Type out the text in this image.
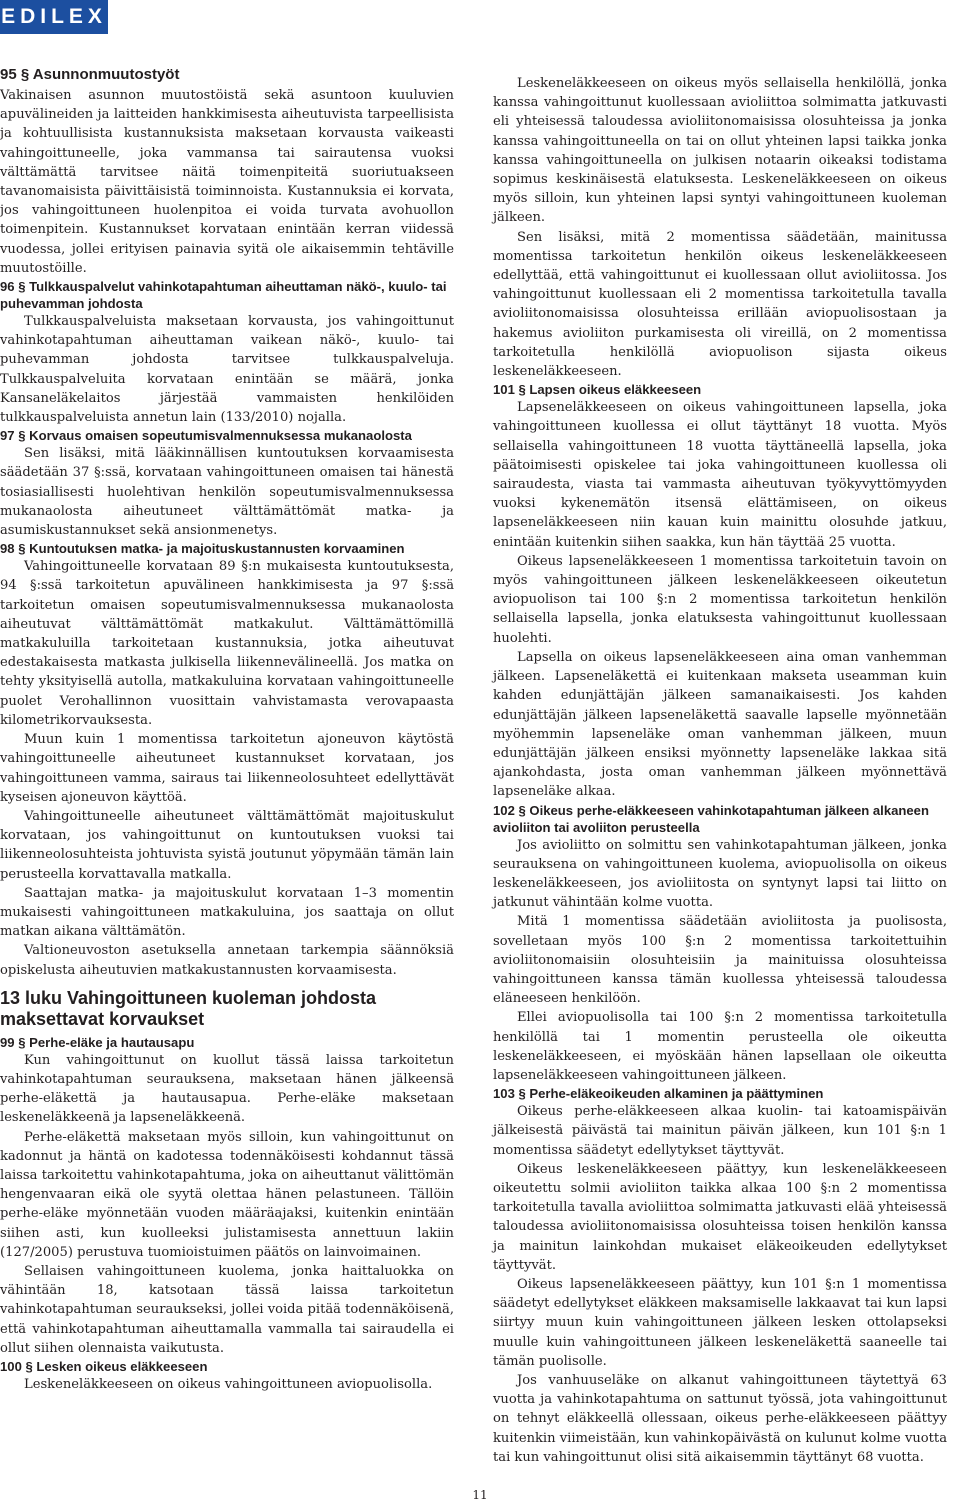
EDILEX
95 § Asunnonmuutostyöt

Vakinaisen asunnon muutostöistä sekä asuntoon kuuluvien apuvälineiden ja laitteiden hankkimisesta aiheutuvista tarpeellisista ja kohtuullisista kustannuksista maksetaan korvausta vaikeasti vahingoittuneelle, joka vammansa tai sairautensa vuoksi välttämättä tarvitsee näitä toimenpiteitä suoriutuakseen tavanomaisista päivittäisistä toiminnoista. Kustannuksia ei korvata, jos vahingoittuneen huolenpitoa ei voida turvata avohuollon toimenpitein. Kustannukset korvataan enintään kerran viidessä vuodessa, jollei erityisen painavia syitä ole aikaisemmin tehtäville muutostöille.

96 § Tulkkauspalvelut vahinkotapahtuman aiheuttaman näkö-, kuulo- tai puhevamman johdosta

Tulkkauspalveluista maksetaan korvausta, jos vahingoittunut vahinkotapahtuman aiheuttaman vaikean näkö-, kuulo- tai puhevamman johdosta tarvitsee tulkkauspalveluja. Tulkkauspalveluita korvataan enintään se määrä, jonka Kansaneläkelaitos järjestää vammaisten henkilöiden tulkkauspalveluista annetun lain (133/2010) nojalla.

97 § Korvaus omaisen sopeutumisvalmennuksessa mukanaolosta

Sen lisäksi, mitä lääkinnällisen kuntoutuksen korvaamisesta säädetään 37 §:ssä, korvataan vahingoittuneen omaisen tai hänestä tosiasiallisesti huolehtivan henkilön sopeutumisvalmennuksessa mukanaolosta aiheutuneet välttämättömät matka- ja asumiskustannukset sekä ansionmenetys.

98 § Kuntoutuksen matka- ja majoituskustannusten korvaaminen

Vahingoittuneelle korvataan 89 §:n mukaisesta kuntoutuksesta, 94 §:ssä tarkoitetun apuvälineen hankkimisesta ja 97 §:ssä tarkoitetun omaisen sopeutumisvalmennuksessa mukanaolosta aiheutuvat välttämättömät matkakulut. Välttämättömillä matkakuluilla tarkoitetaan kustannuksia, jotka aiheutuvat edestakaisesta matkasta julkisella liikennevälineellä. Jos matka on tehty yksityisellä autolla, matkakuluina korvataan vahingoittuneelle puolet Verohallinnon vuosittain vahvistamasta verovapaasta kilometrikorvauksesta.

Muun kuin 1 momentissa tarkoitetun ajoneuvon käytöstä vahingoittuneelle aiheutuneet kustannukset korvataan, jos vahingoittuneen vamma, sairaus tai liikenneolosuhteet edellyttävät kyseisen ajoneuvon käyttöä.

Vahingoittuneelle aiheutuneet välttämättömät majoituskulut korvataan, jos vahingoittunut on kuntoutuksen vuoksi tai liikenneolosuhteista johtuvista syistä joutunut yöpymään tämän lain perusteella korvattavalla matkalla.

Saattajan matka- ja majoituskulut korvataan 1–3 momentin mukaisesti vahingoittuneen matkakuluina, jos saattaja on ollut matkan aikana välttämätön.

Valtioneuvoston asetuksella annetaan tarkempia säännöksiä opiskelusta aiheutuvien matkakustannusten korvaamisesta.

13 luku Vahingoittuneen kuoleman johdosta maksettavat korvaukset
99 § Perhe-eläke ja hautausapu

Kun vahingoittunut on kuollut tässä laissa tarkoitetun vahinkotapahtuman seurauksena, maksetaan hänen jälkeensä perhe-eläkettä ja hautausapua. Perhe-eläke maksetaan leskeneläkkeenä ja lapseneläkkeenä.

Perhe-eläkettä maksetaan myös silloin, kun vahingoittunut on kadonnut ja häntä on kadotessa todennäköisesti kohdannut tässä laissa tarkoitettu vahinkotapahtuma, joka on aiheuttanut välittömän hengenvaaran eikä ole syytä olettaa hänen pelastuneen. Tällöin perhe-eläke myönnetään vuoden määräajaksi, kuitenkin enintään siihen asti, kun kuolleeksi julistamisesta annettuun lakiin (127/2005) perustuva tuomioistuimen päätös on lainvoimainen.

Sellaisen vahingoittuneen kuolema, jonka haittaluokka on vähintään 18, katsotaan tässä laissa tarkoitetun vahinkotapahtuman seuraukseksi, jollei voida pitää todennäköisenä, että vahinkotapahtuman aiheuttamalla vammalla tai sairaudella ei ollut siihen olennaista vaikutusta.

100 § Lesken oikeus eläkkeeseen

Leskeneläkkeeseen on oikeus vahingoittuneen aviopuolisolla.

Leskeneläkkeeseen on oikeus myös sellaisella henkilöllä, jonka kanssa vahingoittunut kuollessaan avioliittoa solmimatta jatkuvasti eli yhteisessä taloudessa avioliitonomaisissa olosuhteissa ja jonka kanssa vahingoittuneella on tai on ollut yhteinen lapsi taikka jonka kanssa vahingoittuneella on julkisen notaarin oikeaksi todistama sopimus keskinäisestä elatuksesta. Leskeneläkkeeseen on oikeus myös silloin, kun yhteinen lapsi syntyi vahingoittuneen kuoleman jälkeen.

Sen lisäksi, mitä 2 momentissa säädetään, mainitussa momentissa tarkoitetun henkilön oikeus leskeneläkkeeseen edellyttää, että vahingoittunut ei kuollessaan ollut avioliitossa. Jos vahingoittunut kuollessaan eli 2 momentissa tarkoitetulla tavalla avioliitonomaisissa olosuhteissa erillään aviopuolisostaan ja hakemus avioliiton purkamisesta oli vireillä, on 2 momentissa tarkoitetulla henkilöllä aviopuolison sijasta oikeus leskeneläkkeeseen.

101 § Lapsen oikeus eläkkeeseen

Lapseneläkkeeseen on oikeus vahingoittuneen lapsella, joka vahingoittuneen kuollessa ei ollut täyttänyt 18 vuotta. Myös sellaisella vahingoittuneen 18 vuotta täyttäneellä lapsella, joka päätoimisesti opiskelee tai joka vahingoittuneen kuollessa oli sairaudesta, viasta tai vammasta aiheutuvan työkyvyttömyyden vuoksi kykenemätön itsensä elättämiseen, on oikeus lapseneläkkeeseen niin kauan kuin mainittu olosuhde jatkuu, enintään kuitenkin siihen saakka, kun hän täyttää 25 vuotta.

Oikeus lapseneläkkeeseen 1 momentissa tarkoitetuin tavoin on myös vahingoittuneen jälkeen leskeneläkkeeseen oikeutetun aviopuolison tai 100 §:n 2 momentissa tarkoitetun henkilön sellaisella lapsella, jonka elatuksesta vahingoittunut kuollessaan huolehti.

Lapsella on oikeus lapseneläkkeeseen aina oman vanhemman jälkeen. Lapseneläkettä ei kuitenkaan makseta useamman kuin kahden edunjättäjän jälkeen samanaikaisesti. Jos kahden edunjättäjän jälkeen lapseneläkettä saavalle lapselle myönnetään myöhemmin lapseneläke oman vanhemman jälkeen, muun edunjättäjän jälkeen ensiksi myönnetty lapseneläke lakkaa sitä ajankohdasta, josta oman vanhemman jälkeen myönnettävä lapseneläke alkaa.

102 § Oikeus perhe-eläkkeeseen vahinkotapahtuman jälkeen alkaneen avioliiton tai avoliiton perusteella

Jos avioliitto on solmittu sen vahinkotapahtuman jälkeen, jonka seurauksena on vahingoittuneen kuolema, aviopuolisolla on oikeus leskeneläkkeeseen, jos avioliitosta on syntynyt lapsi tai liitto on jatkunut vähintään kolme vuotta.

Mitä 1 momentissa säädetään avioliitosta ja puolisosta, sovelletaan myös 100 §:n 2 momentissa tarkoitettuihin avioliitonomaisiin olosuhteisiin ja mainituissa olosuhteissa vahingoittuneen kanssa tämän kuollessa yhteisessä taloudessa eläneeseen henkilöön.

Ellei aviopuolisolla tai 100 §:n 2 momentissa tarkoitetulla henkilöllä tai 1 momentin perusteella ole oikeutta leskeneläkkeeseen, ei myöskään hänen lapsellaan ole oikeutta lapseneläkkeeseen vahingoittuneen jälkeen.

103 § Perhe-eläkeoikeuden alkaminen ja päättyminen

Oikeus perhe-eläkkeeseen alkaa kuolin- tai katoamispäivän jälkeisestä päivästä tai mainitun päivän jälkeen, kun 101 §:n 1 momentissa säädetyt edellytykset täyttyvät.

Oikeus leskeneläkkeeseen päättyy, kun leskeneläkkeeseen oikeutettu solmii avioliiton taikka alkaa 100 §:n 2 momentissa tarkoitetulla tavalla avioliittoa solmimatta jatkuvasti elää yhteisessä taloudessa avioliitonomaisissa olosuhteissa toisen henkilön kanssa ja mainitun lainkohdan mukaiset eläkeoikeuden edellytykset täyttyvät.

Oikeus lapseneläkkeeseen päättyy, kun 101 §:n 1 momentissa säädetyt edellytykset eläkkeen maksamiselle lakkaavat tai kun lapsi siirtyy muun kuin vahingoittuneen jälkeen lesken ottolapseksi muulle kuin vahingoittuneen jälkeen leskeneläkettä saaneelle tai tämän puolisolle.

Jos vanhuuseläke on alkanut vahingoittuneen täytettyä 63 vuotta ja vahinkotapahtuma on sattunut työssä, jota vahingoittunut on tehnyt eläkkeellä ollessaan, oikeus perhe-eläkkeeseen päättyy kuitenkin viimeistään, kun vahinkopäivästä on kulunut kolme vuotta tai kun vahingoittunut olisi sitä aikaisemmin täyttänyt 68 vuotta.

11
